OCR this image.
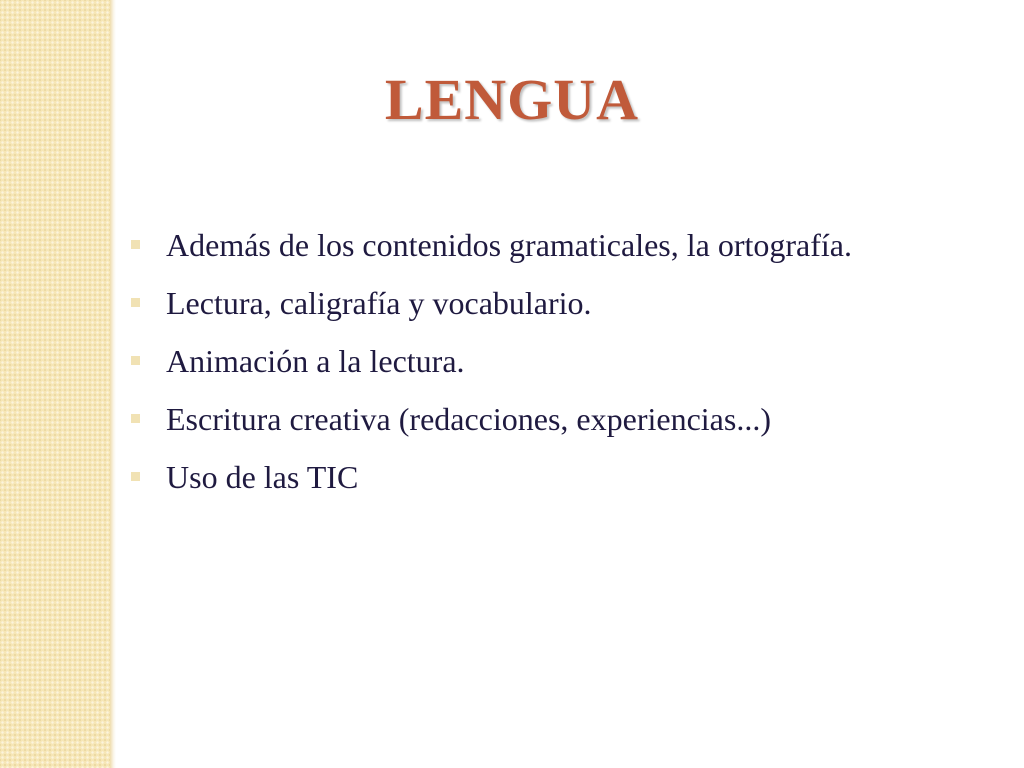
LENGUA
Además de los contenidos gramaticales, la ortografía.
Lectura, caligrafía y vocabulario.
Animación a la lectura.
Escritura creativa (redacciones, experiencias...)
Uso de las TIC
